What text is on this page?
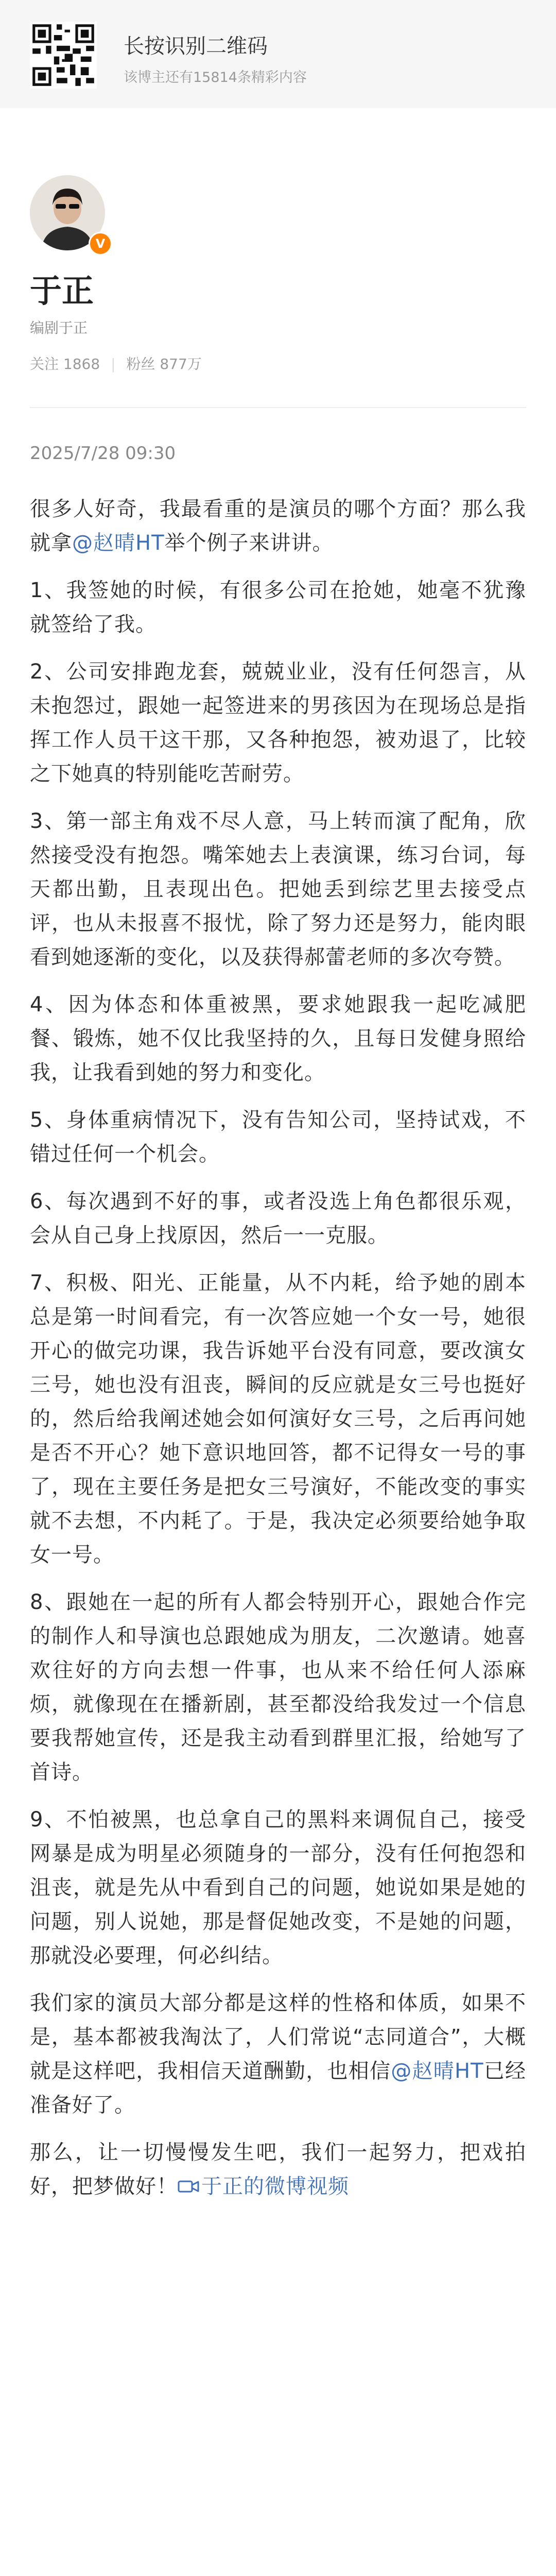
长按识别二维码
该博主还有15814条精彩内容
V
于正
编剧于正
关注 1868 | 粉丝 877万
2025/7/28 09:30

很多人好奇，我最看重的是演员的哪个方面？那么我就拿@赵晴HT举个例子来讲讲。

1、我签她的时候，有很多公司在抢她，她毫不犹豫就签给了我。

2、公司安排跑龙套，兢兢业业，没有任何怨言，从未抱怨过，跟她一起签进来的男孩因为在现场总是指挥工作人员干这干那，又各种抱怨，被劝退了，比较之下她真的特别能吃苦耐劳。

3、第一部主角戏不尽人意，马上转而演了配角，欣然接受没有抱怨。嘴笨她去上表演课，练习台词，每天都出勤，且表现出色。把她丢到综艺里去接受点评，也从未报喜不报忧，除了努力还是努力，能肉眼看到她逐渐的变化，以及获得郝蕾老师的多次夸赞。

4、因为体态和体重被黑，要求她跟我一起吃减肥餐、锻炼，她不仅比我坚持的久，且每日发健身照给我，让我看到她的努力和变化。

5、身体重病情况下，没有告知公司，坚持试戏，不错过任何一个机会。

6、每次遇到不好的事，或者没选上角色都很乐观，会从自己身上找原因，然后一一克服。

7、积极、阳光、正能量，从不内耗，给予她的剧本总是第一时间看完，有一次答应她一个女一号，她很开心的做完功课，我告诉她平台没有同意，要改演女三号，她也没有沮丧，瞬间的反应就是女三号也挺好的，然后给我阐述她会如何演好女三号，之后再问她是否不开心？她下意识地回答，都不记得女一号的事了，现在主要任务是把女三号演好，不能改变的事实就不去想，不内耗了。于是，我决定必须要给她争取女一号。

8、跟她在一起的所有人都会特别开心，跟她合作完的制作人和导演也总跟她成为朋友，二次邀请。她喜欢往好的方向去想一件事，也从来不给任何人添麻烦，就像现在在播新剧，甚至都没给我发过一个信息要我帮她宣传，还是我主动看到群里汇报，给她写了首诗。

9、不怕被黑，也总拿自己的黑料来调侃自己，接受网暴是成为明星必须随身的一部分，没有任何抱怨和沮丧，就是先从中看到自己的问题，她说如果是她的问题，别人说她，那是督促她改变，不是她的问题，那就没必要理，何必纠结。

我们家的演员大部分都是这样的性格和体质，如果不是，基本都被我淘汰了，人们常说“志同道合”，大概就是这样吧，我相信天道酬勤，也相信@赵晴HT已经准备好了。

那么，让一切慢慢发生吧，我们一起努力，把戏拍好，把梦做好！ 于正的微博视频
